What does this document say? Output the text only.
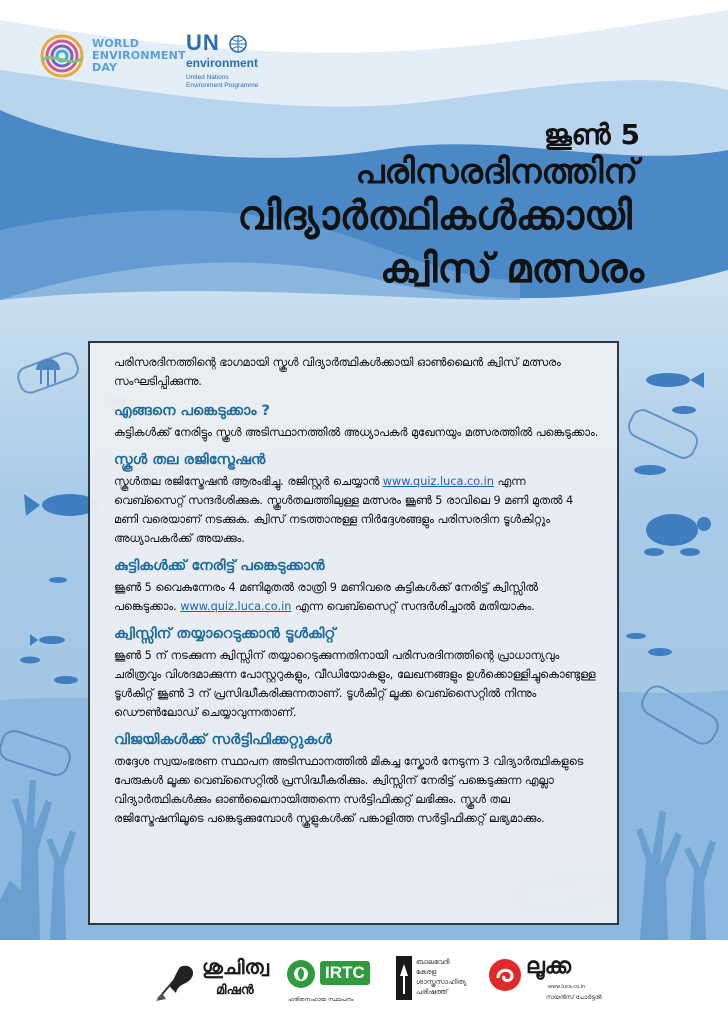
WORLD
ENVIRONMENT
DAY
UN
environment
United Nations
Environment Programme
ജൂൺ 5
പരിസരദിനത്തിന്
വിദ്യാർത്ഥികൾക്കായി
ക്വിസ് മത്സരം

പരിസരദിനത്തിന്റെ ഭാഗമായി സ്കൂൾ വിദ്യാർത്ഥികൾക്കായി ഓൺലൈൻ ക്വിസ് മത്സരം സംഘടിപ്പിക്കുന്നു.

എങ്ങനെ പങ്കെടുക്കാം ?

കുട്ടികൾക്ക് നേരിട്ടും സ്കൂൾ അടിസ്ഥാനത്തിൽ അധ്യാപകർ മുഖേനയും മത്സരത്തിൽ പങ്കെടുക്കാം.

സ്കൂൾ തല രജിസ്ട്രേഷൻ

സ്കൂൾതല രജിസ്ട്രേഷൻ ആരംഭിച്ചു. രജിസ്റ്റർ ചെയ്യാൻ www.quiz.luca.co.in എന്ന വെബ്സൈറ്റ് സന്ദർശിക്കുക. സ്കൂൾതലത്തിലുള്ള മത്സരം ജൂൺ 5 രാവിലെ 9 മണി മുതൽ 4 മണി വരെയാണ് നടക്കുക. ക്വിസ് നടത്താനുള്ള നിർദ്ദേശങ്ങളും പരിസരദിന ടൂൾകിറ്റും അധ്യാപകർക്ക് അയക്കും.

കുട്ടികൾക്ക് നേരിട്ട് പങ്കെടുക്കാൻ

ജൂൺ 5 വൈകുന്നേരം 4 മണിമുതൽ രാത്രി 9 മണിവരെ കുട്ടികൾക്ക് നേരിട്ട് ക്വിസ്സിൽ പങ്കെടുക്കാം. www.quiz.luca.co.in എന്ന വെബ്സൈറ്റ് സന്ദർശിച്ചാൽ മതിയാകും.

ക്വിസ്സിന് തയ്യാറെടുക്കാൻ ടൂൾകിറ്റ്

ജൂൺ 5 ന് നടക്കുന്ന ക്വിസ്സിന് തയ്യാറെടുക്കുന്നതിനായി പരിസരദിനത്തിന്റെ പ്രാധാന്യവും ചരിത്രവും വിശദമാക്കുന്ന പോസ്റ്ററുകളും, വീഡിയോകളും, ലേഖനങ്ങളും ഉൾക്കൊള്ളിച്ചുകൊണ്ടുള്ള ടൂൾകിറ്റ് ജൂൺ 3 ന് പ്രസിദ്ധീകരിക്കുന്നതാണ്. ടൂൾകിറ്റ് ലൂക്ക വെബ്സൈറ്റിൽ നിന്നും ഡൌൺലോഡ് ചെയ്യാവുന്നതാണ്.

വിജയികൾക്ക് സർട്ടിഫിക്കറ്റുകൾ

തദ്ദേശ സ്വയംഭരണ സ്ഥാപന അടിസ്ഥാനത്തിൽ മികച്ച സ്കോർ നേടുന്ന 3 വിദ്യാർത്ഥികളുടെ പേരുകൾ ലൂക്ക വെബ്സൈറ്റിൽ പ്രസിദ്ധീകരിക്കും. ക്വിസ്സിന് നേരിട്ട് പങ്കെടുക്കുന്ന എല്ലാ വിദ്യാർത്ഥികൾക്കും ഓൺലൈനായിത്തന്നെ സർട്ടിഫിക്കറ്റ് ലഭിക്കും. സ്കൂൾ തല രജിസ്ട്രേഷനിലൂടെ പങ്കെടുക്കുമ്പോൾ സ്കൂളുകൾക്ക് പങ്കാളിത്ത സർട്ടിഫിക്കറ്റ് ലഭ്യമാക്കും.

ശുചിത്വ
മിഷൻ
IRTC
ഹരിതസഹായ സ്ഥാപനം
ബാലവേദി
കേരള
ശാസ്ത്രസാഹിത്യ
പരിഷത്ത്
ലൂക്ക
www.luca.co.in
സയൻസ് പോർട്ടൽ
